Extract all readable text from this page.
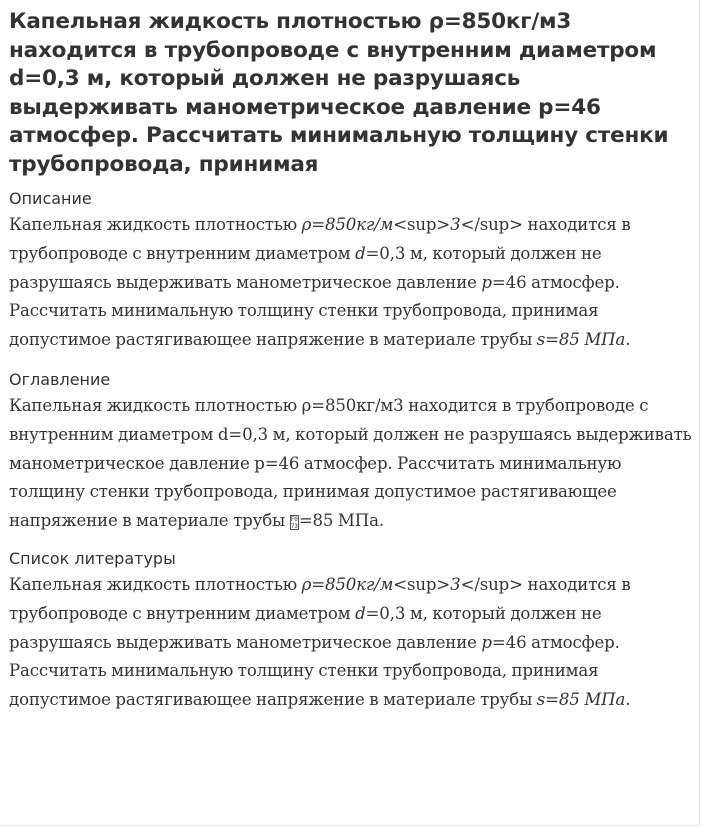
Капельная жидкость плотностью ρ=850кг/м3 находится в трубопроводе с внутренним диаметром d=0,3 м, который должен не разрушаясь выдерживать манометрическое давление p=46 атмосфер. Рассчитать минимальную толщину стенки трубопровода, принимая

Описание

Капельная жидкость плотностью ρ=850кг/м<sup>3</sup> находится в трубопроводе с внутренним диаметром d=0,3 м, который должен не разрушаясь выдерживать манометрическое давление p=46 атмосфер. Рассчитать минимальную толщину стенки трубопровода, принимая допустимое растягивающее напряжение в материале трубы s=85 МПа.

Оглавление

Капельная жидкость плотностью ρ=850кг/м3 находится в трубопроводе с внутренним диаметром d=0,3 м, который должен не разрушаясь выдерживать манометрическое давление p=46 атмосфер. Рассчитать минимальную толщину стенки трубопровода, принимая допустимое растягивающее напряжение в материале трубы F0 73=85 МПа.

Список литературы

Капельная жидкость плотностью ρ=850кг/м<sup>3</sup> находится в трубопроводе с внутренним диаметром d=0,3 м, который должен не разрушаясь выдерживать манометрическое давление p=46 атмосфер. Рассчитать минимальную толщину стенки трубопровода, принимая допустимое растягивающее напряжение в материале трубы s=85 МПа.
